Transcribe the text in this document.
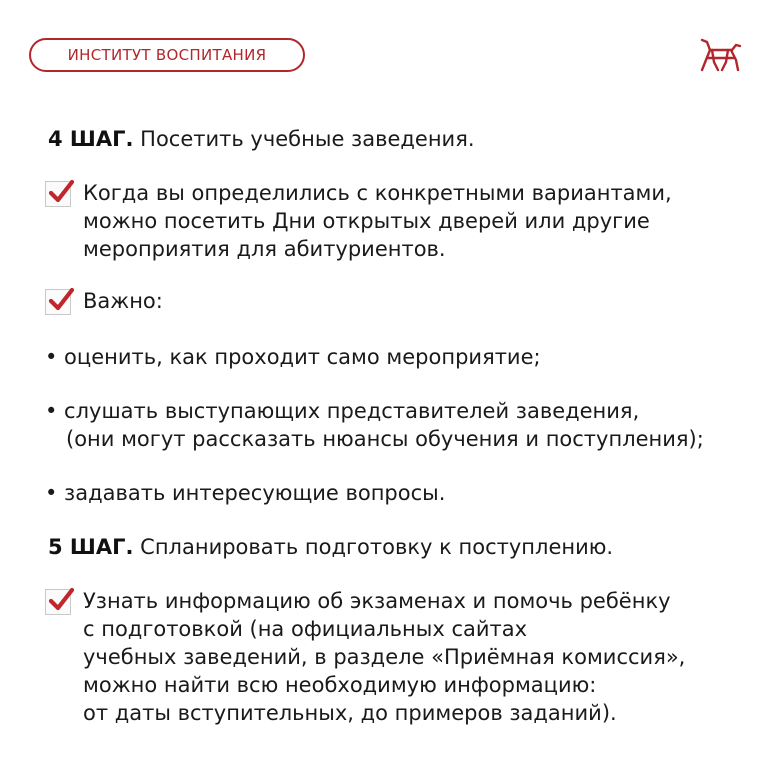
ИНСТИТУТ ВОСПИТАНИЯ
4 ШАГ. Посетить учебные заведения.
Когда вы определились с конкретными вариантами,
можно посетить Дни открытых дверей или другие
мероприятия для абитуриентов.
Важно:
• оценить, как проходит само мероприятие;
• слушать выступающих представителей заведения,
(они могут рассказать нюансы обучения и поступления);
• задавать интересующие вопросы.
5 ШАГ. Спланировать подготовку к поступлению.
Узнать информацию об экзаменах и помочь ребёнку
с подготовкой (на официальных сайтах
учебных заведений, в разделе «Приёмная комиссия»,
можно найти всю необходимую информацию:
от даты вступительных, до примеров заданий).
